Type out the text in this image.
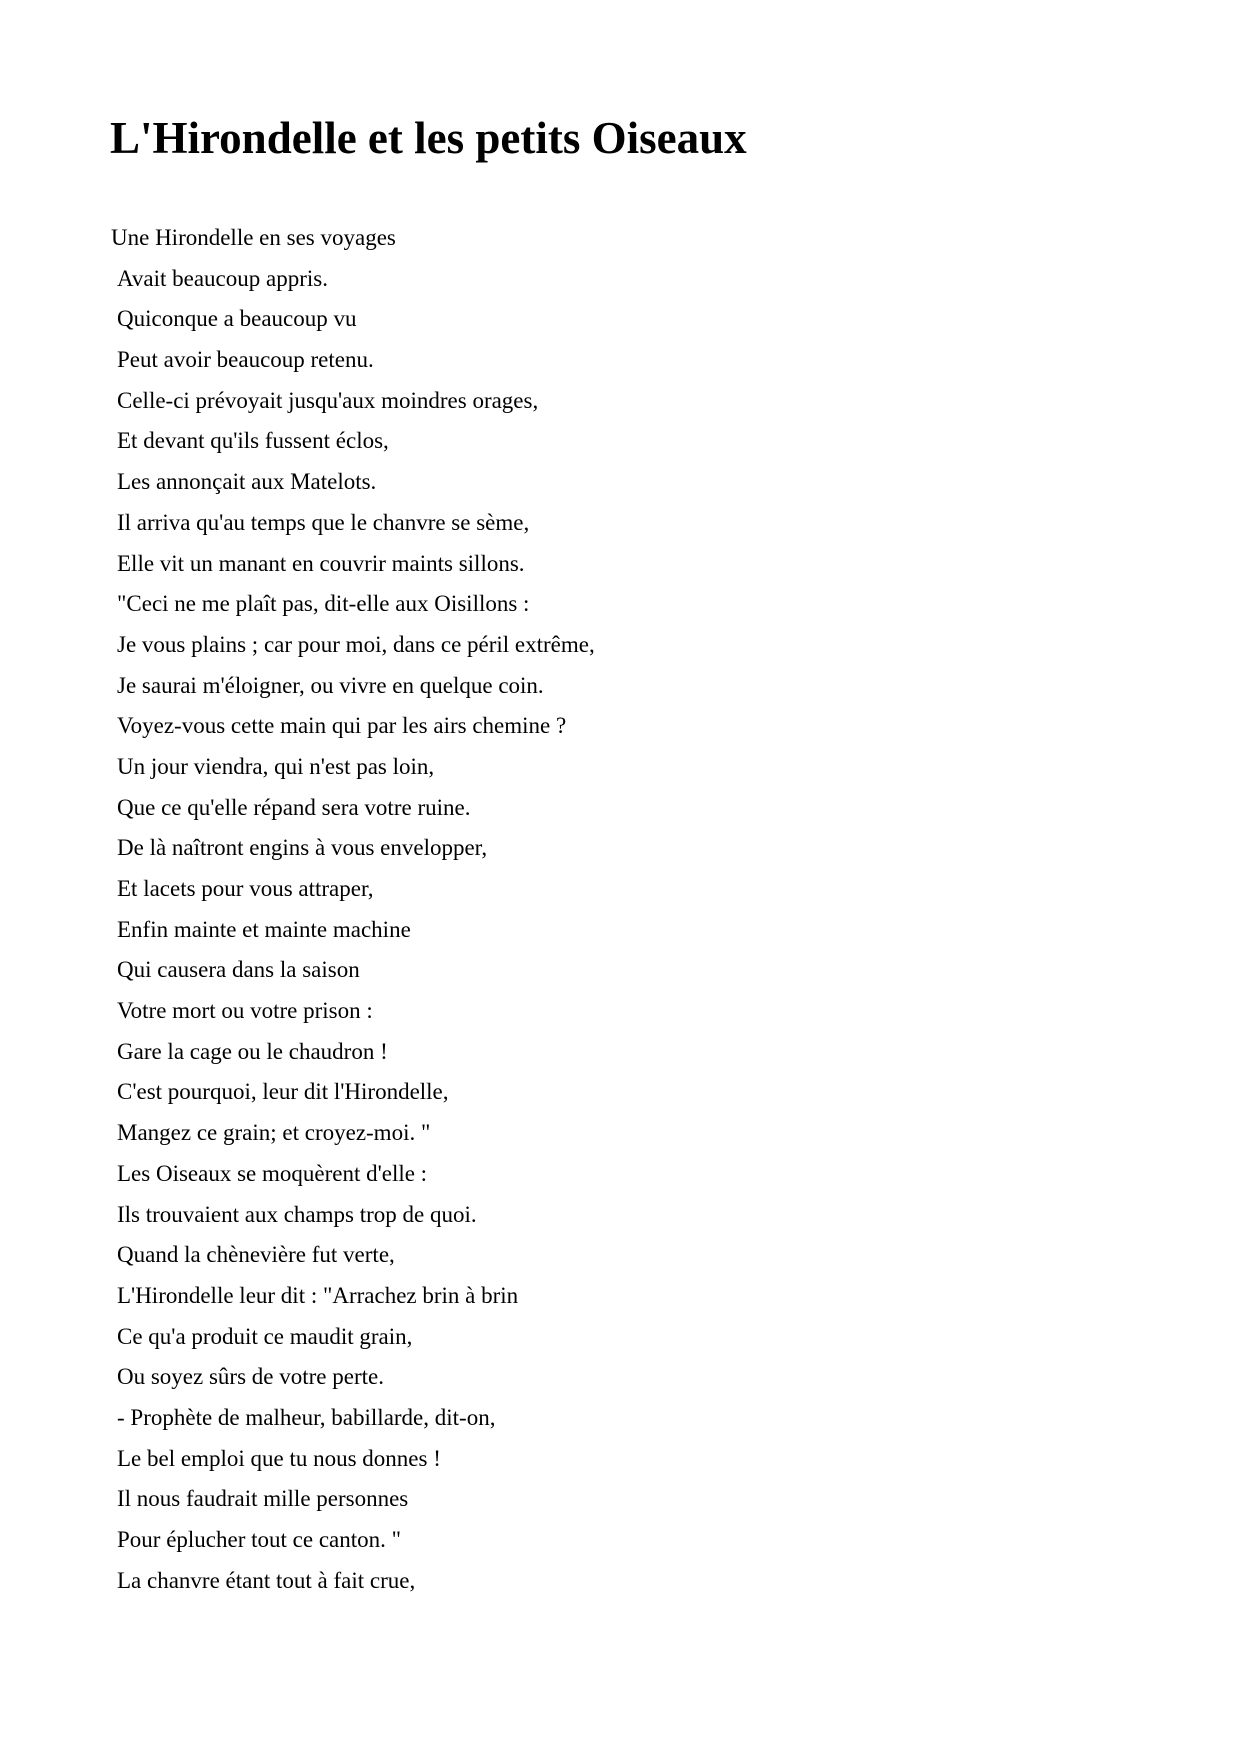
L'Hirondelle et les petits Oiseaux
Une Hirondelle en ses voyages
Avait beaucoup appris.
Quiconque a beaucoup vu
Peut avoir beaucoup retenu.
Celle-ci prévoyait jusqu'aux moindres orages,
Et devant qu'ils fussent éclos,
Les annonçait aux Matelots.
Il arriva qu'au temps que le chanvre se sème,
Elle vit un manant en couvrir maints sillons.
"Ceci ne me plaît pas, dit-elle aux Oisillons :
Je vous plains ; car pour moi, dans ce péril extrême,
Je saurai m'éloigner, ou vivre en quelque coin.
Voyez-vous cette main qui par les airs chemine ?
Un jour viendra, qui n'est pas loin,
Que ce qu'elle répand sera votre ruine.
De là naîtront engins à vous envelopper,
Et lacets pour vous attraper,
Enfin mainte et mainte machine
Qui causera dans la saison
Votre mort ou votre prison :
Gare la cage ou le chaudron !
C'est pourquoi, leur dit l'Hirondelle,
Mangez ce grain; et croyez-moi. "
Les Oiseaux se moquèrent d'elle :
Ils trouvaient aux champs trop de quoi.
Quand la chènevière fut verte,
L'Hirondelle leur dit : "Arrachez brin à brin
Ce qu'a produit ce maudit grain,
Ou soyez sûrs de votre perte.
- Prophète de malheur, babillarde, dit-on,
Le bel emploi que tu nous donnes !
Il nous faudrait mille personnes
Pour éplucher tout ce canton. "
La chanvre étant tout à fait crue,
